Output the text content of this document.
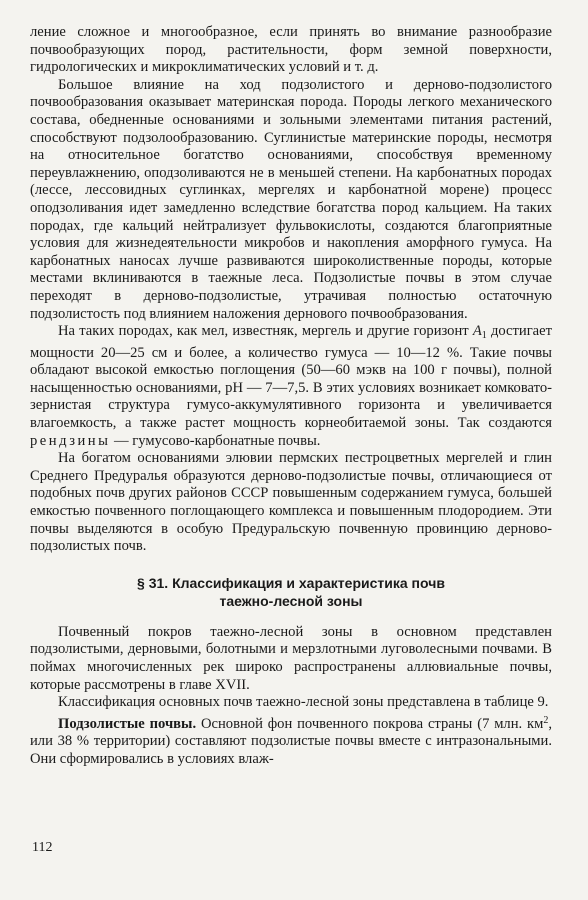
ление сложное и многообразное, если принять во внимание разнообразие почвообразующих пород, растительности, форм земной поверхности, гидрологических и микроклиматических условий и т. д.

Большое влияние на ход подзолистого и дерново-подзолистого почвообразования оказывает материнская порода. Породы легкого механического состава, обедненные основаниями и зольными элементами питания растений, способствуют подзолообразованию. Суглинистые материнские породы, несмотря на относительное богатство основаниями, способствуя временному переувлажнению, оподзоливаются не в меньшей степени. На карбонатных породах (лессе, лессовидных суглинках, мергелях и карбонатной морене) процесс оподзоливания идет замедленно вследствие богатства пород кальцием. На таких породах, где кальций нейтрализует фульвокислоты, создаются благоприятные условия для жизнедеятельности микробов и накопления аморфного гумуса. На карбонатных наносах лучше развиваются широколиственные породы, которые местами вклиниваются в таежные леса. Подзолистые почвы в этом случае переходят в дерново-подзолистые, утрачивая полностью остаточную подзолистость под влиянием наложения дернового почвообразования.

На таких породах, как мел, известняк, мергель и другие горизонт $A_1$ достигает мощности 20—25 см и более, а количество гумуса — 10—12 %. Такие почвы обладают высокой емкостью поглощения (50—60 мэкв на 100 г почвы), полной насыщенностью основаниями, pH — 7—7,5. В этих условиях возникает комковато-зернистая структура гумусо-аккумулятивного горизонта и увеличивается влагоемкость, а также растет мощность корнеобитаемой зоны. Так создаются рендзины — гумусово-карбонатные почвы.

На богатом основаниями элювии пермских пестроцветных мергелей и глин Среднего Предуралья образуются дерново-подзолистые почвы, отличающиеся от подобных почв других районов СССР повышенным содержанием гумуса, большей емкостью почвенного поглощающего комплекса и повышенным плодородием. Эти почвы выделяются в особую Предуральскую почвенную провинцию дерново-подзолистых почв.

§ 31. Классификация и характеристика почв
таежно-лесной зоны

Почвенный покров таежно-лесной зоны в основном представлен подзолистыми, дерновыми, болотными и мерзлотными луговолесными почвами. В поймах многочисленных рек широко распространены аллювиальные почвы, которые рассмотрены в главе XVII.

Классификация основных почв таежно-лесной зоны представлена в таблице 9.

Подзолистые почвы. Основной фон почвенного покрова страны (7 млн. $км^2$, или 38 % территории) составляют подзолистые почвы вместе с интразональными. Они сформировались в условиях влаж-

112
